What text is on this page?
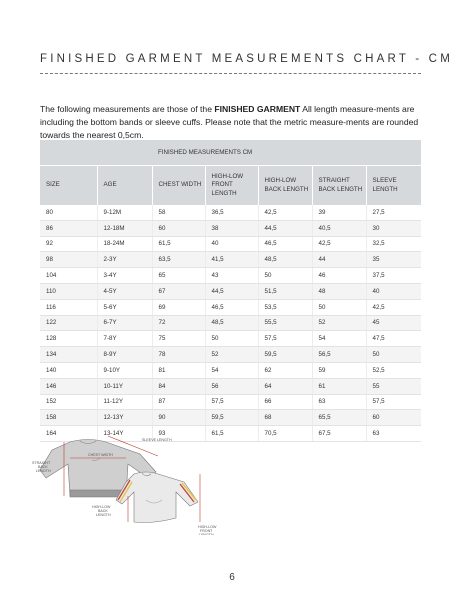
FINISHED GARMENT MEASUREMENTS CHART - CM

The following measurements are those of the FINISHED GARMENT All length measure-ments are including the bottom bands or sleeve cuffs. Please note that the metric measure-ments are rounded towards the nearest 0,5cm.

		FINISHED MEASUREMENTS CM				
SIZE	AGE	CHEST WIDTH	HIGH-LOW FRONT LENGTH	HIGH-LOW BACK LENGTH	STRAIGHT BACK LENGTH	SLEEVE LENGTH
80	9-12M	58	36,5	42,5	39	27,5
86	12-18M	60	38	44,5	40,5	30
92	18-24M	61,5	40	46,5	42,5	32,5
98	2-3Y	63,5	41,5	48,5	44	35
104	3-4Y	65	43	50	46	37,5
110	4-5Y	67	44,5	51,5	48	40
116	5-6Y	69	46,5	53,5	50	42,5
122	6-7Y	72	48,5	55,5	52	45
128	7-8Y	75	50	57,5	54	47,5
134	8-9Y	78	52	59,5	56,5	50
140	9-10Y	81	54	62	59	52,5
146	10-11Y	84	56	64	61	55
152	11-12Y	87	57,5	66	63	57,5
158	12-13Y	90	59,5	68	65,5	60
164	13-14Y	93	61,5	70,5	67,5	63
SLEEVE LENGTH
CHEST WIDTH
STRAIGHT
BACK
LENGTH
HIGH-LOW
BACK
LENGTH
HIGH-LOW
FRONT
LENGTH
6
